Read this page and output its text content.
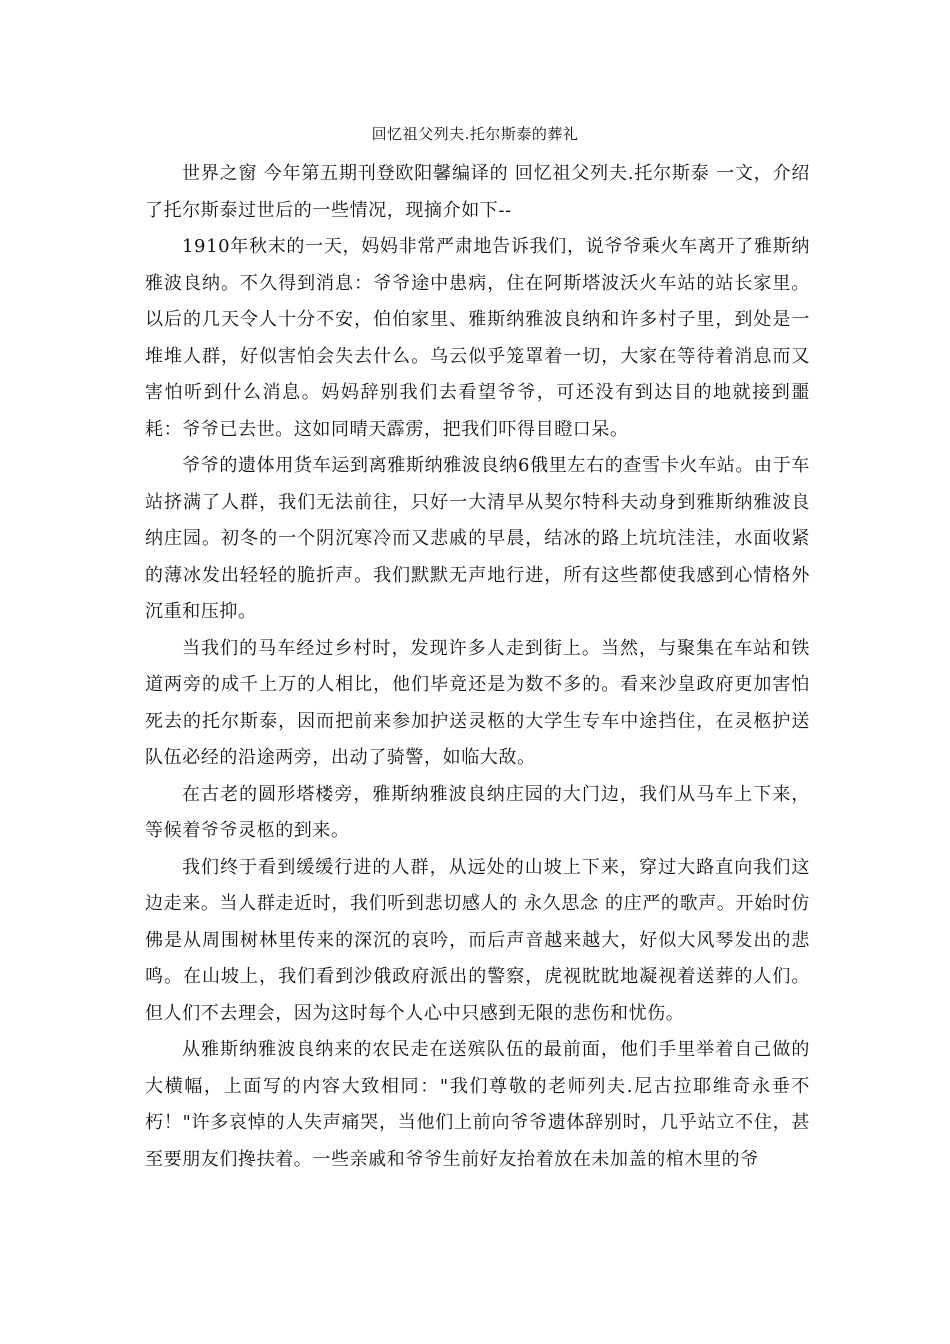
回忆祖父列夫.托尔斯泰的葬礼

世界之窗 今年第五期刊登欧阳馨编译的 回忆祖父列夫.托尔斯泰 一文，介绍了托尔斯泰过世后的一些情况，现摘介如下--

1910年秋末的一天，妈妈非常严肃地告诉我们，说爷爷乘火车离开了雅斯纳雅波良纳。不久得到消息：爷爷途中患病，住在阿斯塔波沃火车站的站长家里。以后的几天令人十分不安，伯伯家里、雅斯纳雅波良纳和许多村子里，到处是一堆堆人群，好似害怕会失去什么。乌云似乎笼罩着一切，大家在等待着消息而又害怕听到什么消息。妈妈辞别我们去看望爷爷，可还没有到达目的地就接到噩耗：爷爷已去世。这如同晴天霹雳，把我们吓得目瞪口呆。

爷爷的遗体用货车运到离雅斯纳雅波良纳6俄里左右的查雪卡火车站。由于车站挤满了人群，我们无法前往，只好一大清早从契尔特科夫动身到雅斯纳雅波良纳庄园。初冬的一个阴沉寒冷而又悲戚的早晨，结冰的路上坑坑洼洼，水面收紧的薄冰发出轻轻的脆折声。我们默默无声地行进，所有这些都使我感到心情格外沉重和压抑。

当我们的马车经过乡村时，发现许多人走到街上。当然，与聚集在车站和铁道两旁的成千上万的人相比，他们毕竟还是为数不多的。看来沙皇政府更加害怕死去的托尔斯泰，因而把前来参加护送灵柩的大学生专车中途挡住，在灵柩护送队伍必经的沿途两旁，出动了骑警，如临大敌。

在古老的圆形塔楼旁，雅斯纳雅波良纳庄园的大门边，我们从马车上下来，等候着爷爷灵柩的到来。

我们终于看到缓缓行进的人群，从远处的山坡上下来，穿过大路直向我们这边走来。当人群走近时，我们听到悲切感人的 永久思念 的庄严的歌声。开始时仿佛是从周围树林里传来的深沉的哀吟，而后声音越来越大，好似大风琴发出的悲鸣。在山坡上，我们看到沙俄政府派出的警察，虎视眈眈地凝视着送葬的人们。但人们不去理会，因为这时每个人心中只感到无限的悲伤和忧伤。

从雅斯纳雅波良纳来的农民走在送殡队伍的最前面，他们手里举着自己做的大横幅，上面写的内容大致相同："我们尊敬的老师列夫.尼古拉耶维奇永垂不朽！"许多哀悼的人失声痛哭，当他们上前向爷爷遗体辞别时，几乎站立不住，甚至要朋友们搀扶着。一些亲戚和爷爷生前好友抬着放在未加盖的棺木里的爷
